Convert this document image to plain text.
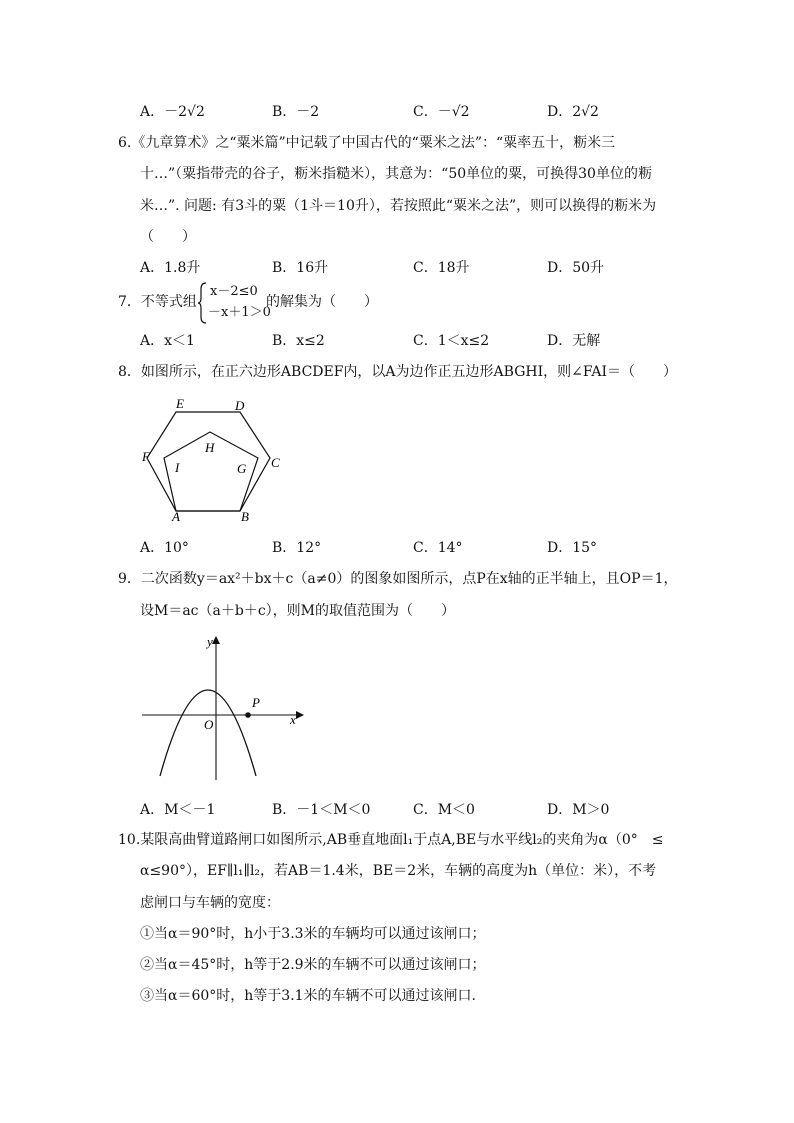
A．－2√2	B．－2	C．－√2	D．2√2
6.《九章算术》之“粟米篇”中记载了中国古代的“粟米之法”：“粟率五十，粝米三
十…”（粟指带壳的谷子，粝米指糙米），其意为：“50单位的粟，可换得30单位的粝
米…”. 问题: 有3斗的粟（1斗＝10升），若按照此“粟米之法”，则可以换得的粝米为
（　　）
A．1.8升	B．16升	C．18升	D．50升
7．不等式组
x－2≤0
－x＋1＞0
的解集为（　　）
A．x＜1	B．x≤2	C．1＜x≤2	D．无解
8．如图所示，在正六边形ABCDEF内，以A为边作正五边形ABGHI，则∠FAI＝（　　）
E	D
F	C
H
I	G
A	B
A．10°	B．12°	C．14°	D．15°
9．二次函数y＝ax²＋bx＋c（a≠0）的图象如图所示，点P在x轴的正半轴上，且OP＝1，
设M＝ac（a＋b＋c），则M的取值范围为（　　）
y
x
O
P
A．M＜－1	B．－1＜M＜0	C．M＜0	D．M＞0
10.某限高曲臂道路闸口如图所示,AB垂直地面l₁于点A,BE与水平线l₂的夹角为α（0°　≤
α≤90°），EF∥l₁∥l₂，若AB＝1.4米，BE＝2米，车辆的高度为h（单位：米），不考
虑闸口与车辆的宽度：
①当α＝90°时，h小于3.3米的车辆均可以通过该闸口；
②当α＝45°时，h等于2.9米的车辆不可以通过该闸口；
③当α＝60°时，h等于3.1米的车辆不可以通过该闸口.
